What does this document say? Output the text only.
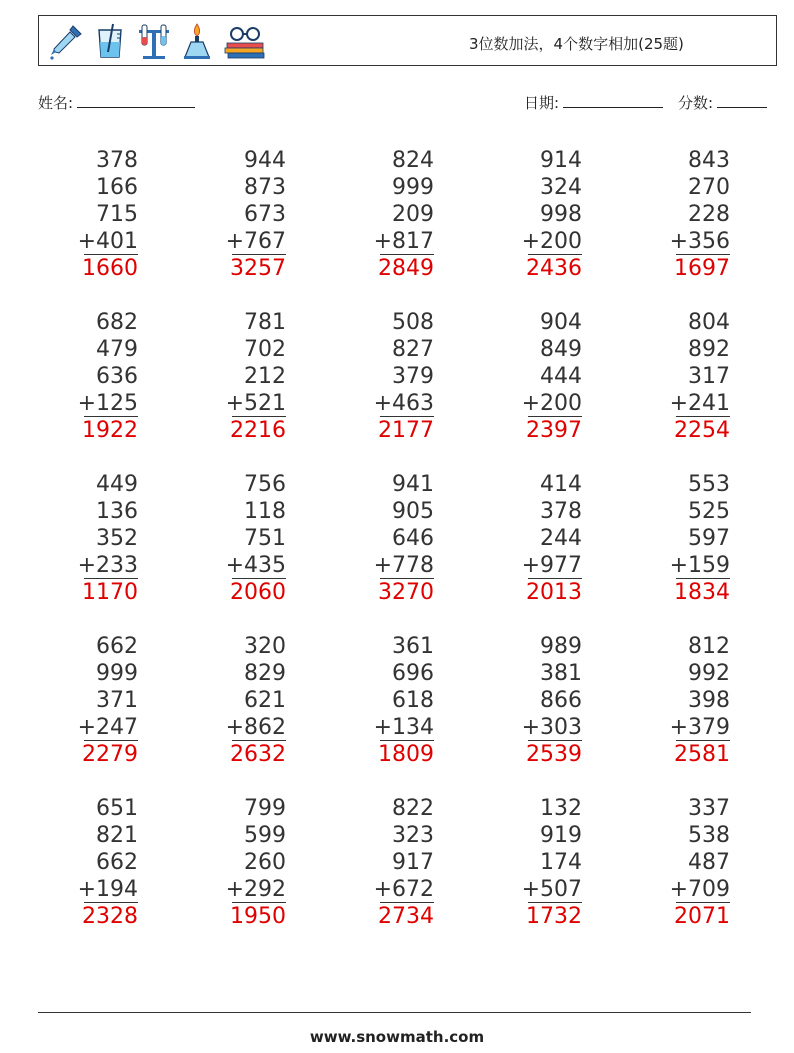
3位数加法，4个数字相加(25题)
姓名:	日期:	分数:
378
166
715
+401
1660
944
873
673
+767
3257
824
999
209
+817
2849
914
324
998
+200
2436
843
270
228
+356
1697
682
479
636
+125
1922
781
702
212
+521
2216
508
827
379
+463
2177
904
849
444
+200
2397
804
892
317
+241
2254
449
136
352
+233
1170
756
118
751
+435
2060
941
905
646
+778
3270
414
378
244
+977
2013
553
525
597
+159
1834
662
999
371
+247
2279
320
829
621
+862
2632
361
696
618
+134
1809
989
381
866
+303
2539
812
992
398
+379
2581
651
821
662
+194
2328
799
599
260
+292
1950
822
323
917
+672
2734
132
919
174
+507
1732
337
538
487
+709
2071
www.snowmath.com
